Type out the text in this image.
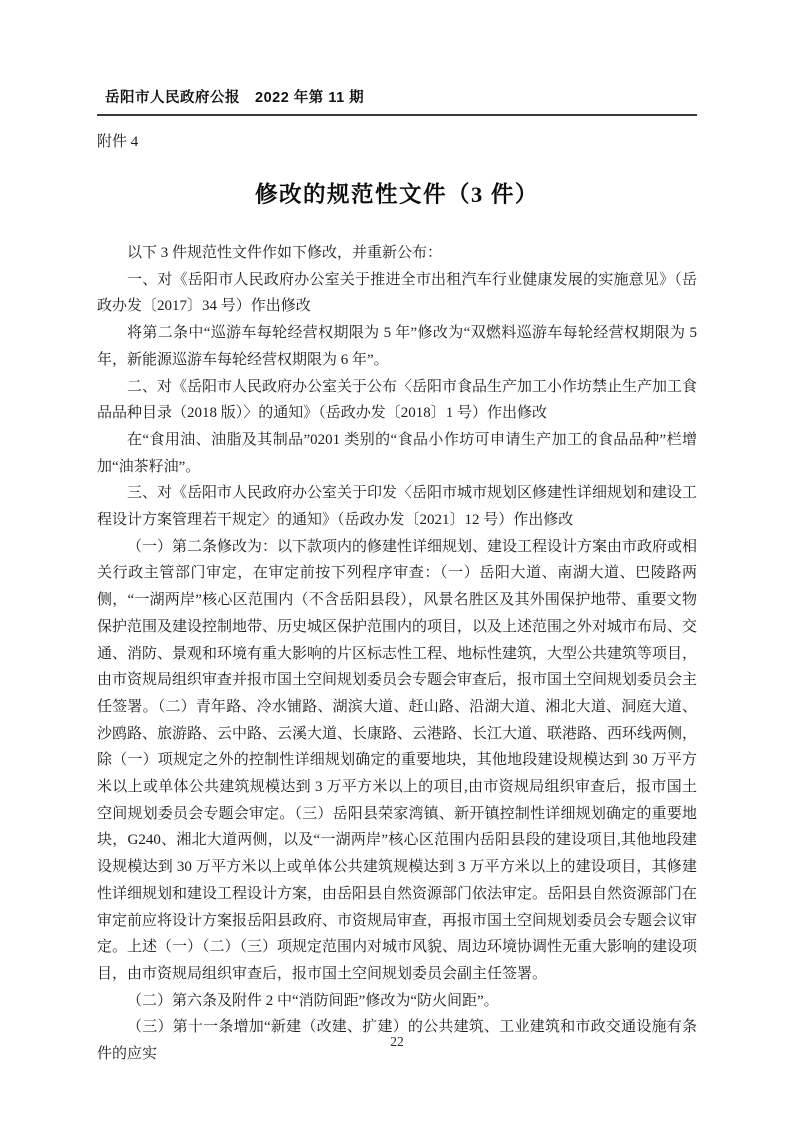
岳阳市人民政府公报　2022 年第 11 期
附件 4
修改的规范性文件（3 件）

以下 3 件规范性文件作如下修改，并重新公布：

一、对《岳阳市人民政府办公室关于推进全市出租汽车行业健康发展的实施意见》（岳政办发〔2017〕34 号）作出修改

将第二条中“巡游车每轮经营权期限为 5 年”修改为“双燃料巡游车每轮经营权期限为 5 年，新能源巡游车每轮经营权期限为 6 年”。

二、对《岳阳市人民政府办公室关于公布〈岳阳市食品生产加工小作坊禁止生产加工食品品种目录（2018 版）〉的通知》（岳政办发〔2018〕1 号）作出修改

在“食用油、油脂及其制品”0201 类别的“食品小作坊可申请生产加工的食品品种”栏增加“油茶籽油”。

三、对《岳阳市人民政府办公室关于印发〈岳阳市城市规划区修建性详细规划和建设工程设计方案管理若干规定〉的通知》（岳政办发〔2021〕12 号）作出修改

（一）第二条修改为：以下款项内的修建性详细规划、建设工程设计方案由市政府或相关行政主管部门审定，在审定前按下列程序审查：（一）岳阳大道、南湖大道、巴陵路两侧，“一湖两岸”核心区范围内（不含岳阳县段），风景名胜区及其外围保护地带、重要文物保护范围及建设控制地带、历史城区保护范围内的项目，以及上述范围之外对城市布局、交通、消防、景观和环境有重大影响的片区标志性工程、地标性建筑，大型公共建筑等项目，由市资规局组织审查并报市国土空间规划委员会专题会审查后，报市国土空间规划委员会主任签署。（二）青年路、冷水铺路、湖滨大道、赶山路、沿湖大道、湘北大道、洞庭大道、沙鸥路、旅游路、云中路、云溪大道、长康路、云港路、长江大道、联港路、西环线两侧，除（一）项规定之外的控制性详细规划确定的重要地块，其他地段建设规模达到 30 万平方米以上或单体公共建筑规模达到 3 万平方米以上的项目,由市资规局组织审查后，报市国土空间规划委员会专题会审定。（三）岳阳县荣家湾镇、新开镇控制性详细规划确定的重要地块，G240、湘北大道两侧，以及“一湖两岸”核心区范围内岳阳县段的建设项目,其他地段建设规模达到 30 万平方米以上或单体公共建筑规模达到 3 万平方米以上的建设项目，其修建性详细规划和建设工程设计方案，由岳阳县自然资源部门依法审定。岳阳县自然资源部门在审定前应将设计方案报岳阳县政府、市资规局审查，再报市国土空间规划委员会专题会议审定。上述（一）（二）（三）项规定范围内对城市风貌、周边环境协调性无重大影响的建设项目，由市资规局组织审查后，报市国土空间规划委员会副主任签署。

（二）第六条及附件 2 中“消防间距”修改为“防火间距”。

（三）第十一条增加“新建（改建、扩建）的公共建筑、工业建筑和市政交通设施有条件的应实

22
